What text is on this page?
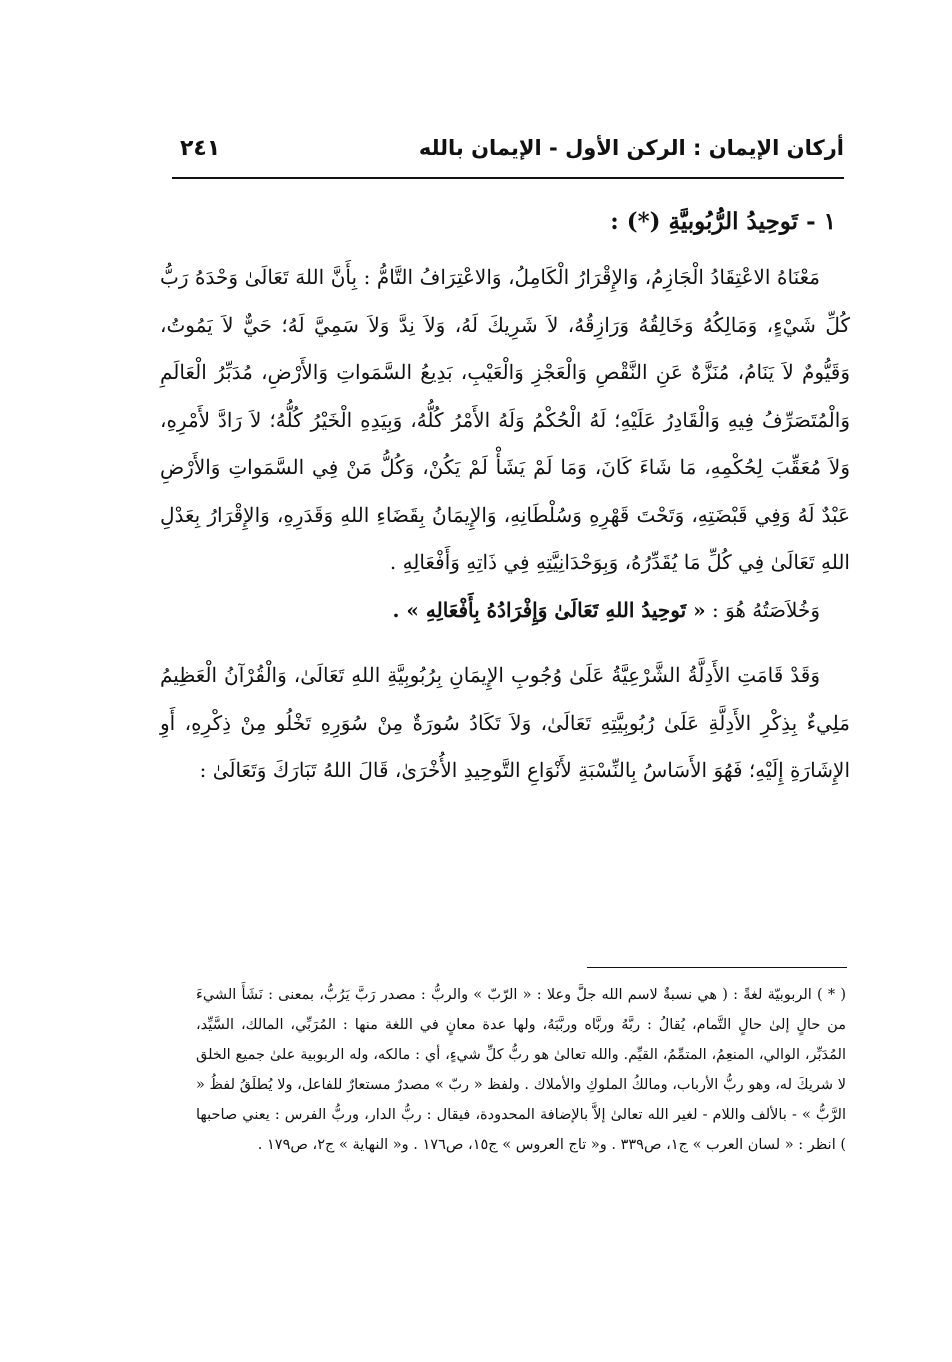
أركان الإيمان : الركن الأول - الإيمان بالله
٢٤١
١ - تَوحِيدُ الرُّبُوبيَّةِ (*) :

مَعْنَاهُ الاعْتِقَادُ الْجَازِمُ، وَالإِقْرَارُ الْكَامِلُ، وَالاعْتِرَافُ التَّامُّ : بِأَنَّ اللهَ تَعَالَىٰ وَحْدَهُ رَبُّ كُلِّ شَيْءٍ، وَمَالِكُهُ وَخَالِقُهُ وَرَازِقُهُ، لاَ شَرِيكَ لَهُ، وَلاَ نِدَّ وَلاَ سَمِيَّ لَهُ؛ حَيٌّ لاَ يَمُوتُ، وَقَيُّومٌ لاَ يَنَامُ، مُنَزَّهٌ عَنِ النَّقْصِ وَالْعَجْزِ وَالْعَيْبِ، بَدِيعُ السَّمَواتِ وَالأَرْضِ، مُدَبِّرُ الْعَالَمِ وَالْمُتَصَرِّفُ فِيهِ وَالْقَادِرُ عَلَيْهِ؛ لَهُ الْحُكْمُ وَلَهُ الأَمْرُ كُلُّهُ، وَبِيَدِهِ الْخَيْرُ كُلُّهُ؛ لاَ رَادَّ لأَمْرِهِ، وَلاَ مُعَقِّبَ لِحُكْمِهِ، مَا شَاءَ كَانَ، وَمَا لَمْ يَشَأْ لَمْ يَكُنْ، وَكُلُّ مَنْ فِي السَّمَواتِ وَالأَرْضِ عَبْدٌ لَهُ وَفِي قَبْضَتِهِ، وَتَحْتَ قَهْرِهِ وَسُلْطَانِهِ، وَالإِيمَانُ بِقَضَاءِ اللهِ وَقَدَرِهِ، وَالإِقْرَارُ بِعَدْلِ اللهِ تَعَالَىٰ فِي كُلِّ مَا يُقَدِّرُهُ، وَبِوَحْدَانِيَّتِهِ فِي ذَاتِهِ وَأَفْعَالِهِ .

وَخُلاَصَتُهُ هُوَ : « تَوحِيدُ اللهِ تَعَالَىٰ وَإِفْرَادُهُ بِأَفْعَالِهِ » .

وَقَدْ قَامَتِ الأَدِلَّةُ الشَّرْعِيَّةُ عَلَىٰ وُجُوبِ الإِيمَانِ بِرُبُوبِيَّةِ اللهِ تَعَالَىٰ، وَالْقُرْآنُ الْعَظِيمُ مَلِيءٌ بِذِكْرِ الأَدِلَّةِ عَلَىٰ رُبُوبِيَّتِهِ تَعَالَىٰ، وَلاَ تَكَادُ سُورَةٌ مِنْ سُوَرِهِ تَخْلُو مِنْ ذِكْرِهِ، أَوِ الإِشَارَةِ إِلَيْهِ؛ فَهُوَ الأَسَاسُ بِالنِّسْبَةِ لأَنْوَاعِ التَّوحِيدِ الأُخْرَىٰ، قَالَ اللهُ تَبَارَكَ وَتَعَالَىٰ :

( * ) الربوبيّة لغةً : ( هي نسبةٌ لاسم الله جلَّ وعلا : « الرّبّ » والربُّ : مصدر رَبَّ يَرُبُّ، بمعنى : نَشَأَ الشيءَ من حالٍ إلىٰ حالٍ التَّمام، يُقالُ : ربَّهُ وربَّاه وربَّبَهُ، ولها عدة معانٍ في اللغة منها : المُرَبِّي، المالك، السَّيِّد، المُدَبِّر، الوالي، المنعِمُ، المتمِّمُ، القيِّم. والله تعالىٰ هو ربُّ كلِّ شيءٍ، أي : مالكه، وله الربوبية علىٰ جميع الخلق لا شريكَ له، وهو ربُّ الأرباب، ومالكُ الملوكِ والأملاك . ولفظ « ربّ » مصدرٌ مستعارٌ للفاعل، ولا يُطلَقُ لفظُ « الرَّبُّ » - بالألف واللام - لغير الله تعالىٰ إلاَّ بالإضافة المحدودة، فيقال : ربُّ الدار، وربُّ الفرس : يعني صاحبها ) انظر : « لسان العرب » ج١، ص٣٣٩ . و« تاج العروس » ج١٥، ص١٧٦ . و« النهاية » ج٢، ص١٧٩ .
